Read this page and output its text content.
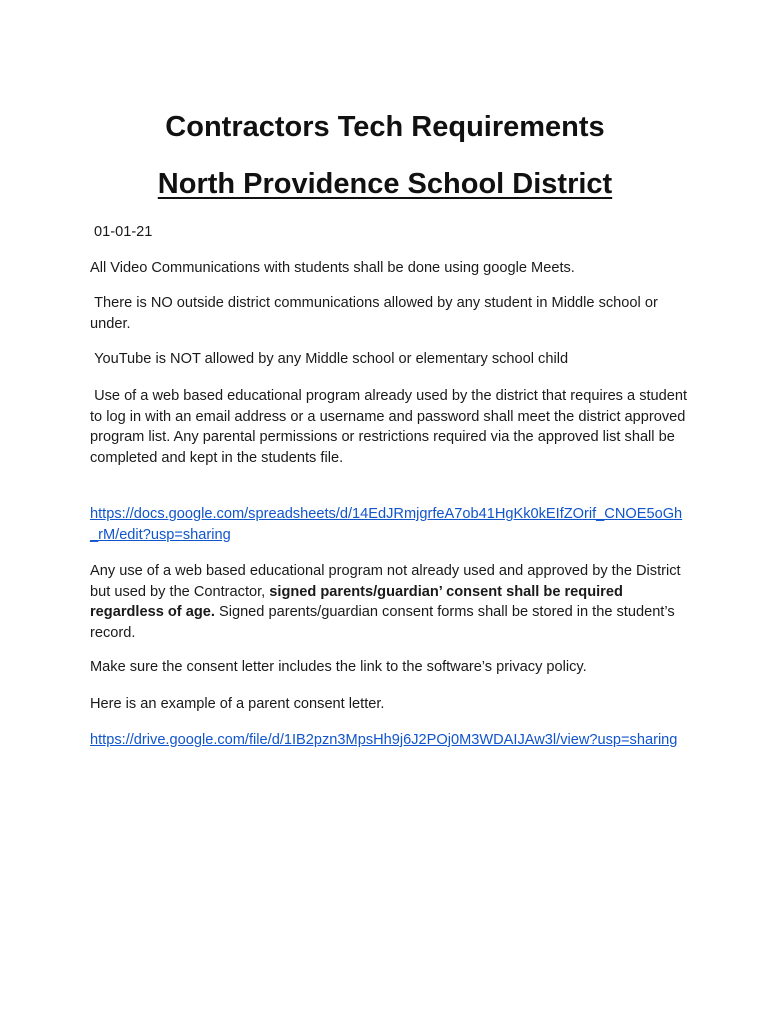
Contractors Tech Requirements
North Providence School District

01-01-21

All Video Communications with students shall be done using google Meets.

There is NO outside district communications allowed by any student in Middle school or under.

YouTube is NOT allowed by any Middle school or elementary school child

Use of a web based educational program already used by the district that requires a student to log in with an email address or a username and password shall meet the district approved program list. Any parental permissions or restrictions required via the approved list shall be completed and kept in the students file.

https://docs.google.com/spreadsheets/d/14EdJRmjgrfeA7ob41HgKk0kEIfZOrif_CNOE5oGh_rM/edit?usp=sharing

Any use of a web based educational program not already used and approved by the District but used by the Contractor, signed parents/guardian’ consent shall be required regardless of age. Signed parents/guardian consent forms shall be stored in the student’s record.

Make sure the consent letter includes the link to the software’s privacy policy.

Here is an example of a parent consent letter.

https://drive.google.com/file/d/1IB2pzn3MpsHh9j6J2POj0M3WDAIJAw3l/view?usp=sharing
